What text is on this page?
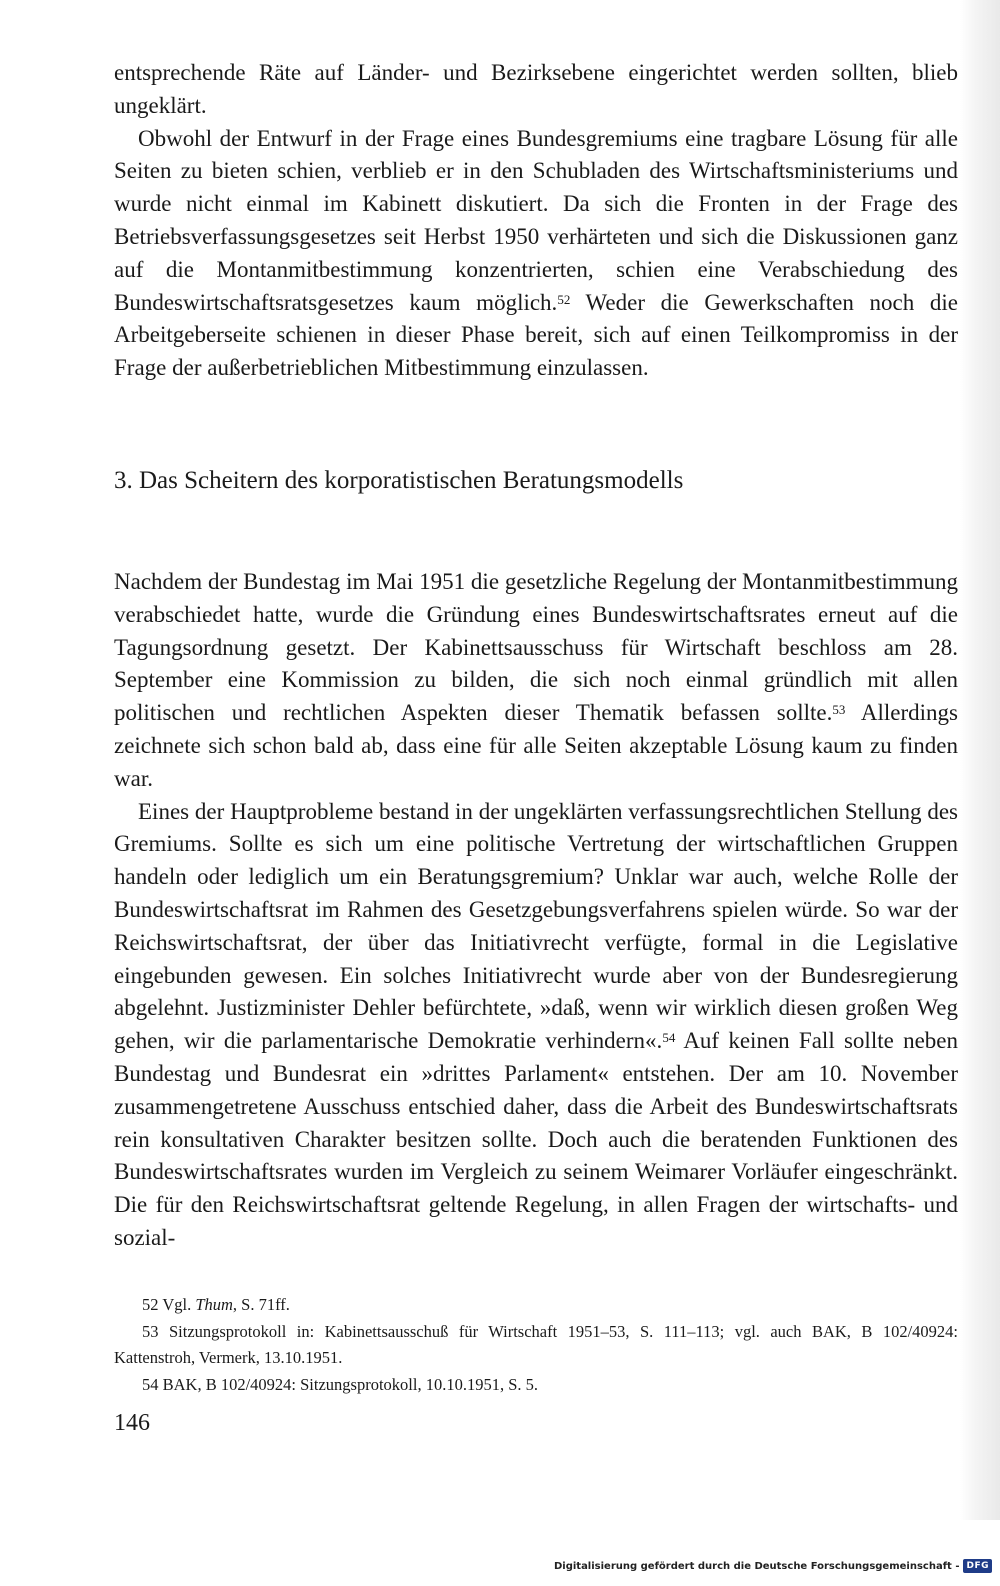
entsprechende Räte auf Länder- und Bezirksebene eingerichtet werden sollten, blieb ungeklärt.

Obwohl der Entwurf in der Frage eines Bundesgremiums eine tragbare Lösung für alle Seiten zu bieten schien, verblieb er in den Schubladen des Wirtschaftsministeriums und wurde nicht einmal im Kabinett diskutiert. Da sich die Fronten in der Frage des Betriebsverfassungsgesetzes seit Herbst 1950 verhärteten und sich die Diskussionen ganz auf die Montanmitbestimmung konzentrierten, schien eine Verabschiedung des Bundeswirtschaftsratsgesetzes kaum möglich.$^{52}$ Weder die Gewerkschaften noch die Arbeitgeberseite schienen in dieser Phase bereit, sich auf einen Teilkompromiss in der Frage der außerbetrieblichen Mitbestimmung einzulassen.

3. Das Scheitern des korporatistischen Beratungsmodells

Nachdem der Bundestag im Mai 1951 die gesetzliche Regelung der Montanmitbestimmung verabschiedet hatte, wurde die Gründung eines Bundeswirtschaftsrates erneut auf die Tagungsordnung gesetzt. Der Kabinettsausschuss für Wirtschaft beschloss am 28. September eine Kommission zu bilden, die sich noch einmal gründlich mit allen politischen und rechtlichen Aspekten dieser Thematik befassen sollte.$^{53}$ Allerdings zeichnete sich schon bald ab, dass eine für alle Seiten akzeptable Lösung kaum zu finden war.

Eines der Hauptprobleme bestand in der ungeklärten verfassungsrechtlichen Stellung des Gremiums. Sollte es sich um eine politische Vertretung der wirtschaftlichen Gruppen handeln oder lediglich um ein Beratungsgremium? Unklar war auch, welche Rolle der Bundeswirtschaftsrat im Rahmen des Gesetzgebungsverfahrens spielen würde. So war der Reichswirtschaftsrat, der über das Initiativrecht verfügte, formal in die Legislative eingebunden gewesen. Ein solches Initiativrecht wurde aber von der Bundesregierung abgelehnt. Justizminister Dehler befürchtete, »daß, wenn wir wirklich diesen großen Weg gehen, wir die parlamentarische Demokratie verhindern«.$^{54}$ Auf keinen Fall sollte neben Bundestag und Bundesrat ein »drittes Parlament« entstehen. Der am 10. November zusammengetretene Ausschuss entschied daher, dass die Arbeit des Bundeswirtschaftsrats rein konsultativen Charakter besitzen sollte. Doch auch die beratenden Funktionen des Bundeswirtschaftsrates wurden im Vergleich zu seinem Weimarer Vorläufer eingeschränkt. Die für den Reichswirtschaftsrat geltende Regelung, in allen Fragen der wirtschafts- und sozial-

52 Vgl. Thum, S. 71ff.

53 Sitzungsprotokoll in: Kabinettsausschuß für Wirtschaft 1951–53, S. 111–113; vgl. auch BAK, B 102/40924: Kattenstroh, Vermerk, 13.10.1951.

54 BAK, B 102/40924: Sitzungsprotokoll, 10.10.1951, S. 5.

146
Digitalisierung gefördert durch die Deutsche Forschungsgemeinschaft - DFG
